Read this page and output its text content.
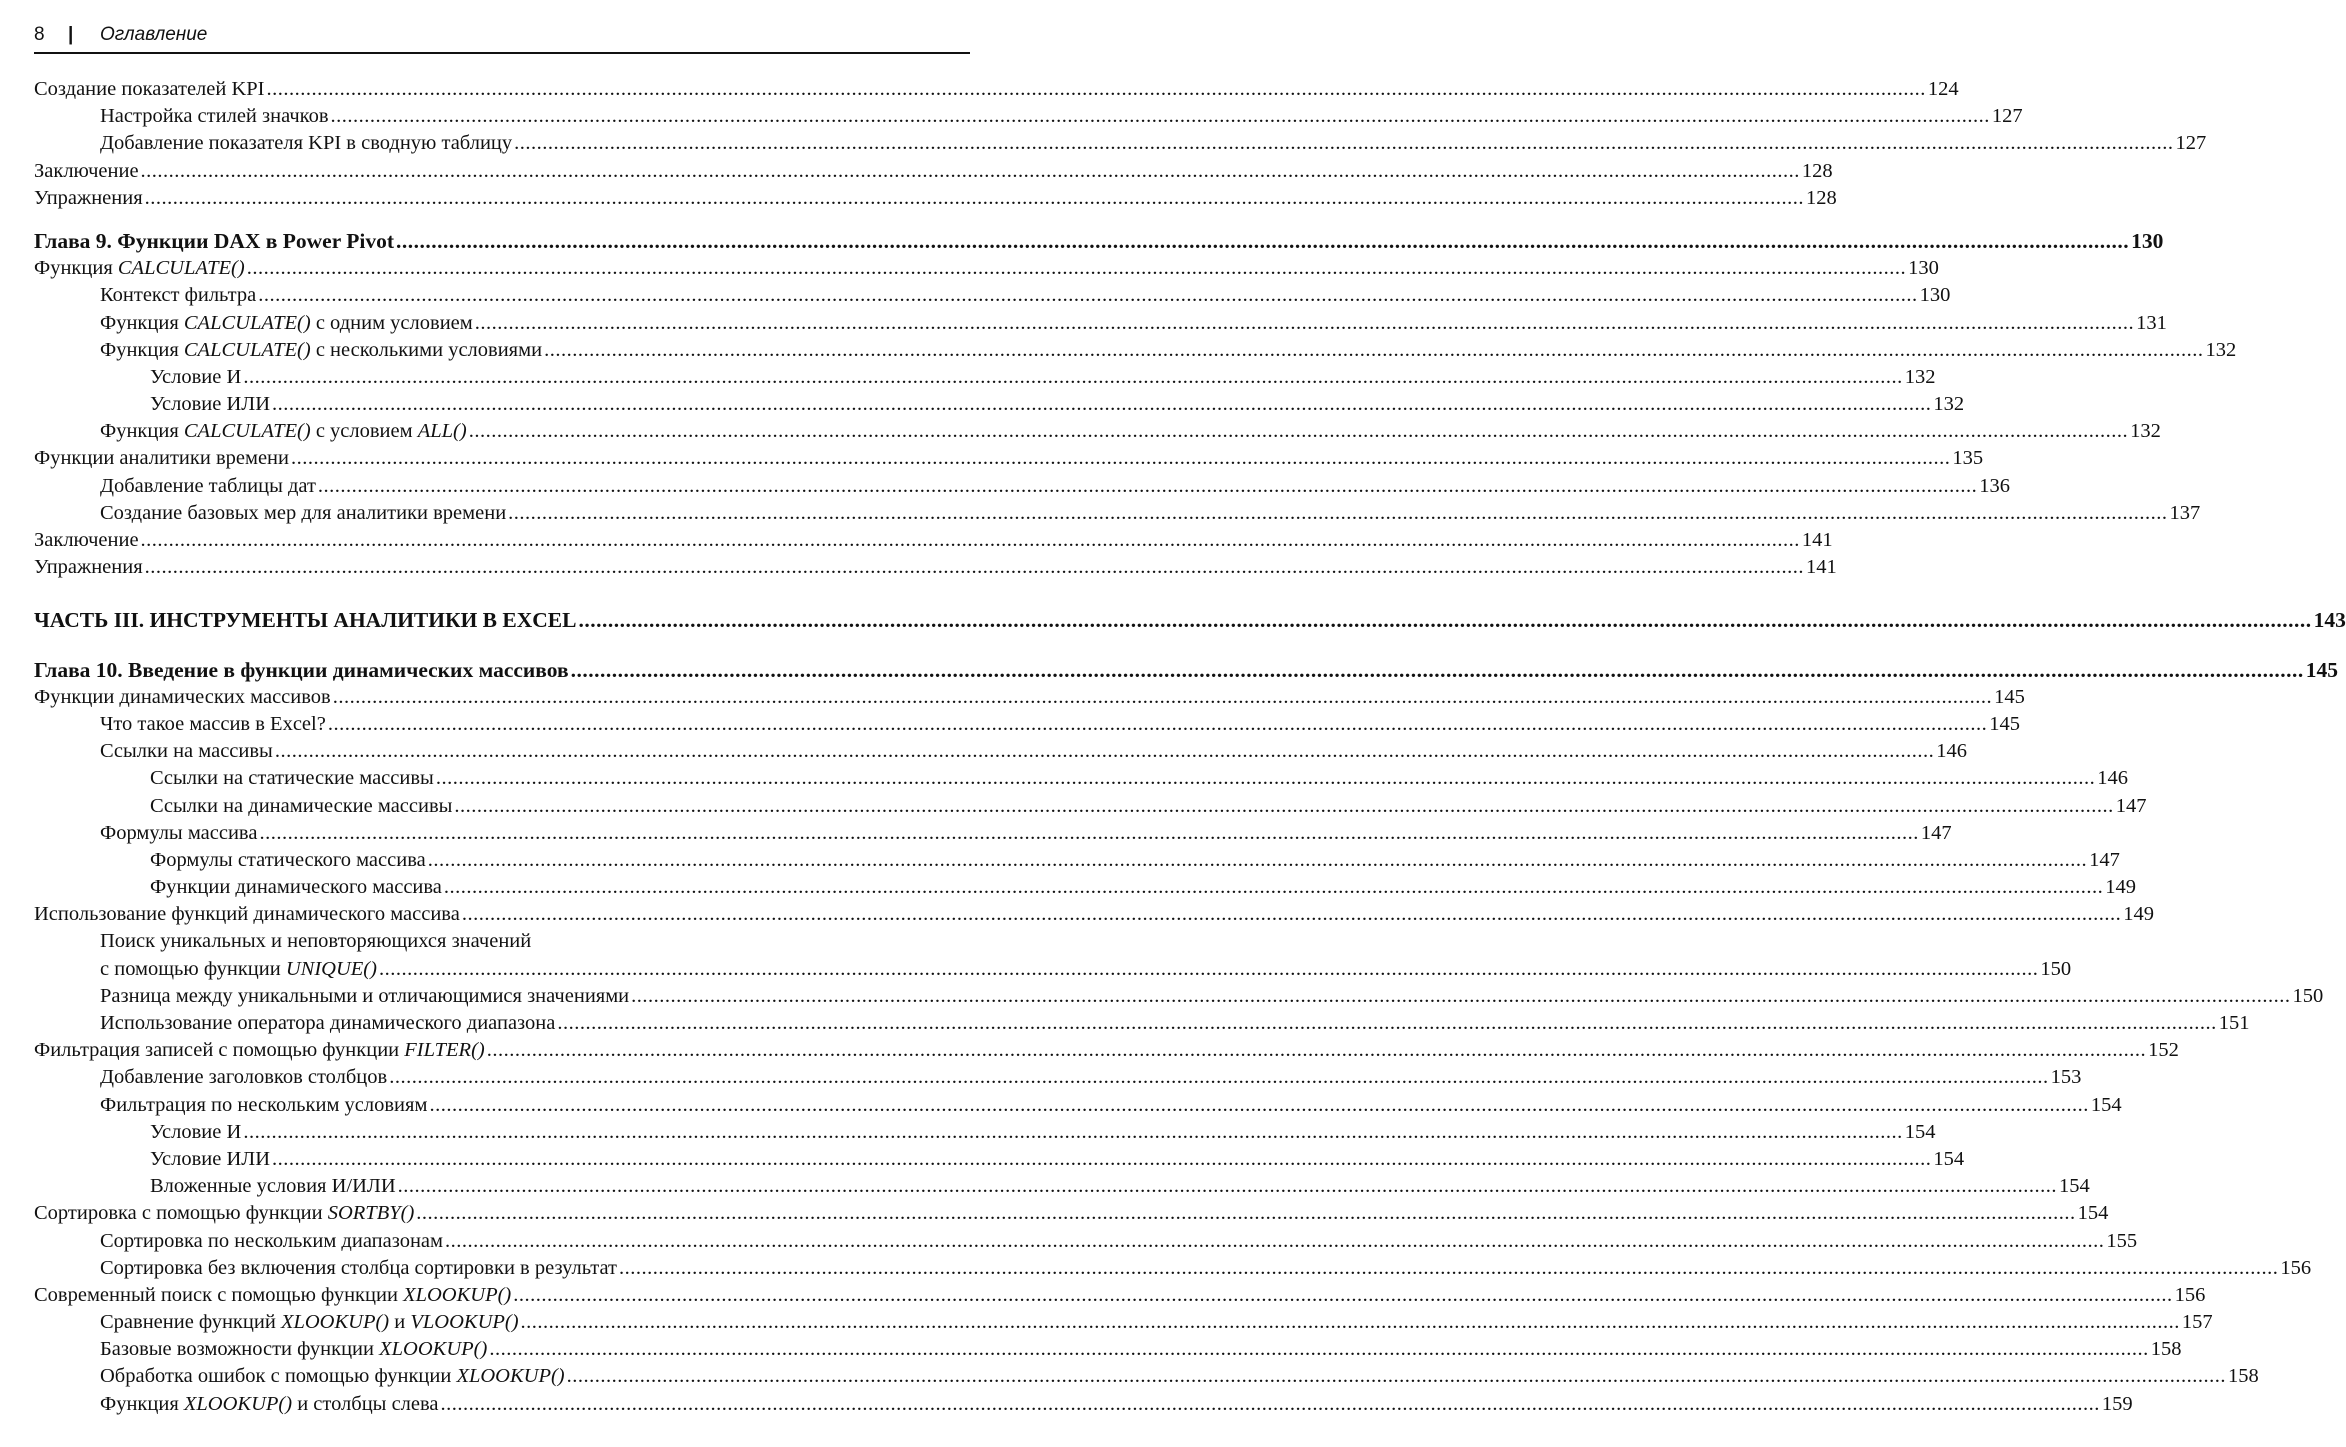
8 | Оглавление
Создание показателей KPI .....	124
Настройка стилей значков .....	127
Добавление показателя KPI в сводную таблицу .....	127
Заключение .....	128
Упражнения .....	128
Глава 9. Функции DAX в Power Pivot .....	130
Функция CALCULATE() .....	130
Контекст фильтра .....	130
Функция CALCULATE() с одним условием .....	131
Функция CALCULATE() с несколькими условиями .....	132
Условие И .....	132
Условие ИЛИ .....	132
Функция CALCULATE() с условием ALL() .....	132
Функции аналитики времени .....	135
Добавление таблицы дат .....	136
Создание базовых мер для аналитики времени .....	137
Заключение .....	141
Упражнения .....	141
ЧАСТЬ III. ИНСТРУМЕНТЫ АНАЛИТИКИ В EXCEL .....	143
Глава 10. Введение в функции динамических массивов .....	145
Функции динамических массивов .....	145
Что такое массив в Excel? .....	145
Ссылки на массивы .....	146
Ссылки на статические массивы .....	146
Ссылки на динамические массивы .....	147
Формулы массива .....	147
Формулы статического массива .....	147
Функции динамического массива .....	149
Использование функций динамического массива .....	149
Поиск уникальных и неповторяющихся значений
с помощью функции UNIQUE() .....	150
Разница между уникальными и отличающимися значениями .....	150
Использование оператора динамического диапазона .....	151
Фильтрация записей с помощью функции FILTER() .....	152
Добавление заголовков столбцов .....	153
Фильтрация по нескольким условиям .....	154
Условие И .....	154
Условие ИЛИ .....	154
Вложенные условия И/ИЛИ .....	154
Сортировка с помощью функции SORTBY() .....	154
Сортировка по нескольким диапазонам .....	155
Сортировка без включения столбца сортировки в результат .....	156
Современный поиск с помощью функции XLOOKUP() .....	156
Сравнение функций XLOOKUP() и VLOOKUP() .....	157
Базовые возможности функции XLOOKUP() .....	158
Обработка ошибок с помощью функции XLOOKUP() .....	158
Функция XLOOKUP() и столбцы слева .....	159
